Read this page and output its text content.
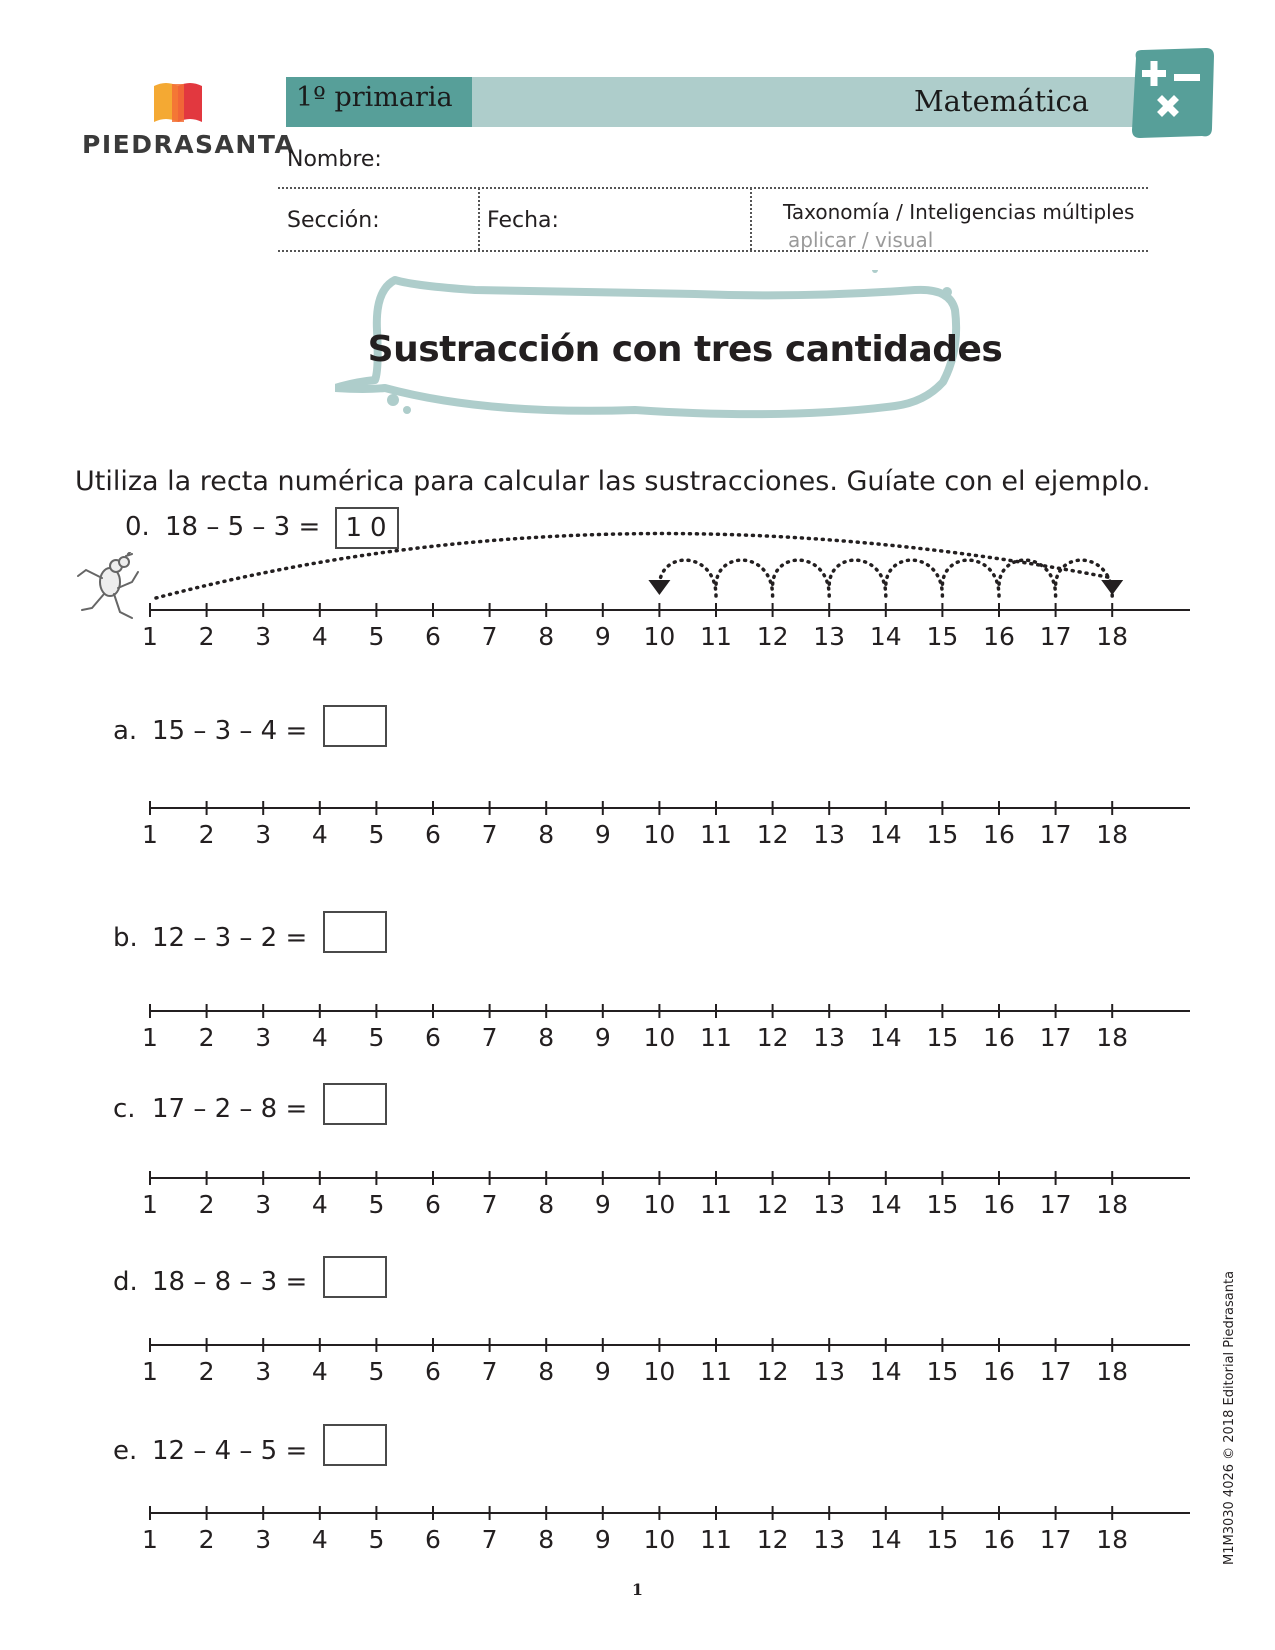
PIEDRASANTA
1º primaria	Matemática
Nombre:
Sección:	Fecha:	Taxonomía / Inteligencias múltiples
aplicar / visual
Sustracción con tres cantidades
Utiliza la recta numérica para calcular las sustracciones. Guíate con el ejemplo.
0. 18 – 5 – 3 = 10
1 2 3 4 5 6 7 8 9 10 11 12 13 14 15 16 17 18
a. 15 – 3 – 4 =
1 2 3 4 5 6 7 8 9 10 11 12 13 14 15 16 17 18
b. 12 – 3 – 2 =
1 2 3 4 5 6 7 8 9 10 11 12 13 14 15 16 17 18
c. 17 – 2 – 8 =
1 2 3 4 5 6 7 8 9 10 11 12 13 14 15 16 17 18
d. 18 – 8 – 3 =
1 2 3 4 5 6 7 8 9 10 11 12 13 14 15 16 17 18
e. 12 – 4 – 5 =
1 2 3 4 5 6 7 8 9 10 11 12 13 14 15 16 17 18	M1M3030 4026 © 2018 Editorial Piedrasanta
1
